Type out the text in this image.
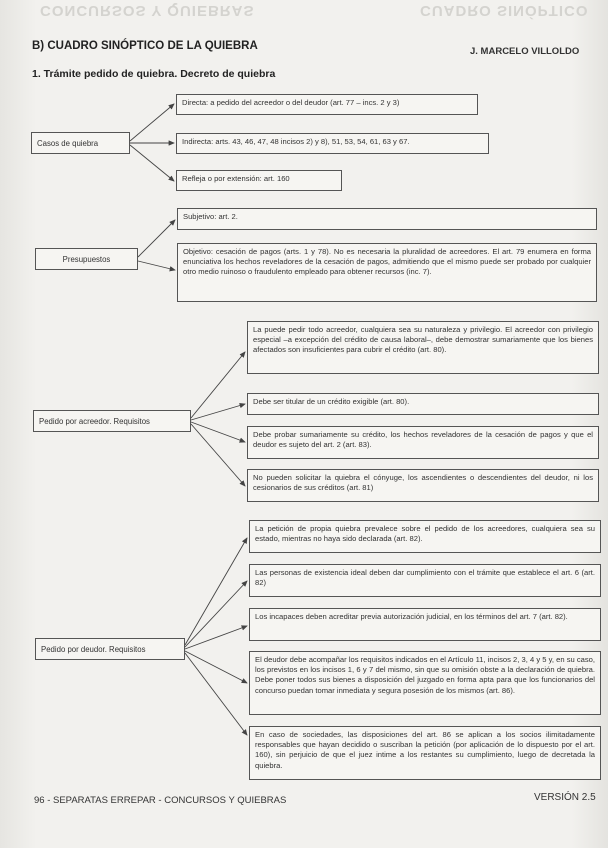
CONCURSOS Y QUIEBRAS	CUADRO SINÓPTICO
B) CUADRO SINÓPTICO DE LA QUIEBRA	J. MARCELO VILLOLDO
1. Trámite pedido de quiebra. Decreto de quiebra
Casos de quiebra
Directa: a pedido del acreedor o del deudor (art. 77 – incs. 2 y 3)
Indirecta: arts. 43, 46, 47, 48 incisos 2) y 8), 51, 53, 54, 61, 63 y 67.
Refleja o por extensión: art. 160
Presupuestos
Subjetivo: art. 2.
Objetivo: cesación de pagos (arts. 1 y 78). No es necesaria la pluralidad de acreedores. El art. 79 enumera en forma enunciativa los hechos reveladores de la cesación de pagos, admitiendo que el mismo puede ser probado por cualquier otro medio ruinoso o fraudulento empleado para obtener recursos (inc. 7).
Pedido por acreedor. Requisitos
La puede pedir todo acreedor, cualquiera sea su naturaleza y privilegio. El acreedor con privilegio especial –a excepción del crédito de causa laboral–, debe demostrar sumariamente que los bienes afectados son insuficientes para cubrir el crédito (art. 80).
Debe ser titular de un crédito exigible (art. 80).
Debe probar sumariamente su crédito, los hechos reveladores de la cesación de pagos y que el deudor es sujeto del art. 2 (art. 83).
No pueden solicitar la quiebra el cónyuge, los ascendientes o descendientes del deudor, ni los cesionarios de sus créditos (art. 81)
Pedido por deudor. Requisitos
La petición de propia quiebra prevalece sobre el pedido de los acreedores, cualquiera sea su estado, mientras no haya sido declarada (art. 82).
Las personas de existencia ideal deben dar cumplimiento con el trámite que establece el art. 6 (art. 82)
Los incapaces deben acreditar previa autorización judicial, en los términos del art. 7 (art. 82).
El deudor debe acompañar los requisitos indicados en el Artículo 11, incisos 2, 3, 4 y 5 y, en su caso, los previstos en los incisos 1, 6 y 7 del mismo, sin que su omisión obste a la declaración de quiebra. Debe poner todos sus bienes a disposición del juzgado en forma apta para que los funcionarios del concurso puedan tomar inmediata y segura posesión de los mismos (art. 86).
En caso de sociedades, las disposiciones del art. 86 se aplican a los socios ilimitadamente responsables que hayan decidido o suscriban la petición (por aplicación de lo dispuesto por el art. 160), sin perjuicio de que el juez intime a los restantes su cumplimiento, luego de decretada la quiebra.
96 - SEPARATAS ERREPAR - CONCURSOS Y QUIEBRAS	VERSIÓN 2.5
